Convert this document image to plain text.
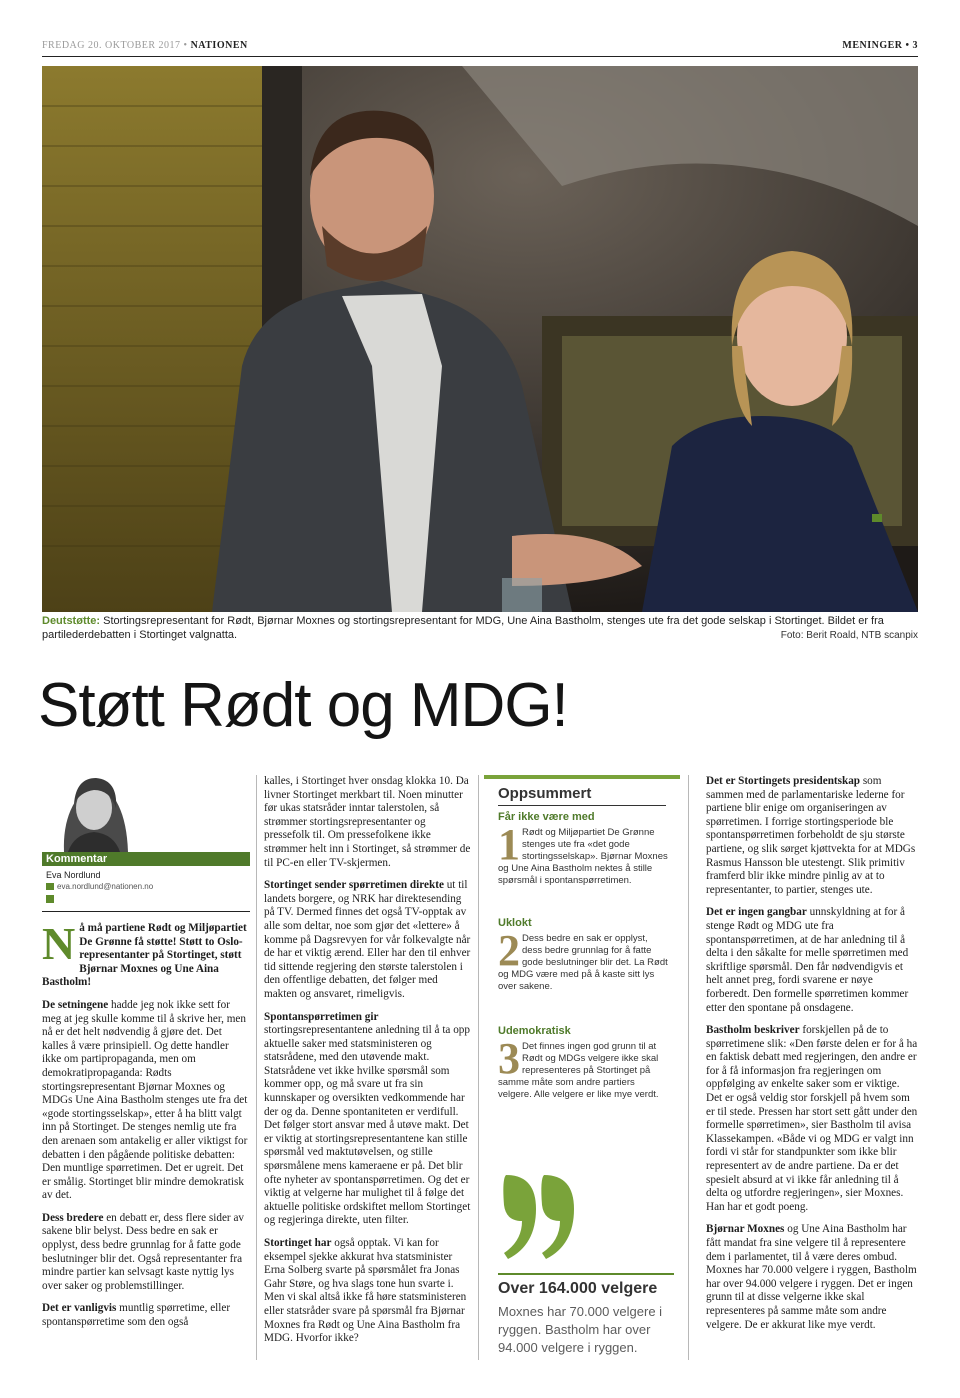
FREDAG 20. OKTOBER 2017 • NATIONEN	MENINGER • 3
Deutstøtte: Stortingsrepresentant for Rødt, Bjørnar Moxnes og stortingsrepresentant for MDG, Une Aina Bastholm, stenges ute fra det gode selskap i Stortinget. Bildet er fra partilederdebatten i Stortinget valgnatta.	Foto: Berit Roald, NTB scanpix
Støtt Rødt og MDG!
Kommentar
Eva Nordlund
eva.nordlund@nationen.no

Nå må partiene Rødt og Miljøpartiet De Grønne få støtte! Støtt to Oslo-representanter på Stortinget, støtt Bjørnar Moxnes og Une Aina Bastholm!

De setningene hadde jeg nok ikke sett for meg at jeg skulle komme til å skrive her, men nå er det helt nødvendig å gjøre det. Det kalles å være prinsipiell. Og dette handler ikke om partipropaganda, men om demokratipropaganda: Rødts stortingsrepresentant Bjørnar Moxnes og MDGs Une Aina Bastholm stenges ute fra det «gode stortingsselskap», etter å ha blitt valgt inn på Stortinget. De stenges nemlig ute fra den arenaen som antakelig er aller viktigst for debatten i den pågående politiske debatten: Den muntlige spørretimen. Det er ugreit. Det er smålig. Stortinget blir mindre demokratisk av det.

Dess bredere en debatt er, dess flere sider av sakene blir belyst. Dess bedre en sak er opplyst, dess bedre grunnlag for å fatte gode beslutninger blir det. Også representanter fra mindre partier kan selvsagt kaste nyttig lys over saker og problemstillinger.

Det er vanligvis muntlig spørretime, eller spontanspørretime som den også

kalles, i Stortinget hver onsdag klokka 10. Da livner Stortinget merkbart til. Noen minutter før ukas statsråder inntar talerstolen, så strømmer stortingsrepresentanter og pressefolk til. Om pressefolkene ikke strømmer helt inn i Stortinget, så strømmer de til PC-en eller TV-skjermen.

Stortinget sender spørretimen direkte ut til landets borgere, og NRK har direktesending på TV. Dermed finnes det også TV-opptak av alle som deltar, noe som gjør det «lettere» å komme på Dagsrevyen for vår folkevalgte når de har et viktig ærend. Eller har den til enhver tid sittende regjering den største talerstolen i den offentlige debatten, det følger med makten og ansvaret, rimeligvis.

Spontanspørretimen gir stortingsrepresentantene anledning til å ta opp aktuelle saker med statsministeren og statsrådene, med den utøvende makt. Statsrådene vet ikke hvilke spørsmål som kommer opp, og må svare ut fra sin kunnskaper og oversikten vedkommende har der og da. Denne spontaniteten er verdifull. Det følger stort ansvar med å utøve makt. Det er viktig at stortingsrepresentantene kan stille spørsmål ved maktutøvelsen, og stille spørsmålene mens kameraene er på. Det blir ofte nyheter av spontanspørretimen. Og det er viktig at velgerne har mulighet til å følge det aktuelle politiske ordskiftet mellom Stortinget og regjeringa direkte, uten filter.

Stortinget har også opptak. Vi kan for eksempel sjekke akkurat hva statsminister Erna Solberg svarte på spørsmålet fra Jonas Gahr Støre, og hva slags tone hun svarte i. Men vi skal altså ikke få høre statsministeren eller statsråder svare på spørsmål fra Bjørnar Moxnes fra Rødt og Une Aina Bastholm fra MDG. Hvorfor ikke?

Oppsummert
Får ikke være med
1 Rødt og Miljøpartiet De Grønne stenges ute fra «det gode stortingsselskap». Bjørnar Moxnes og Une Aina Bastholm nektes å stille spørsmål i spontanspørretimen.
Uklokt
2 Dess bedre en sak er opplyst, dess bedre grunnlag for å fatte gode beslutninger blir det. La Rødt og MDG være med på å kaste sitt lys over sakene.
Udemokratisk
3 Det finnes ingen god grunn til at Rødt og MDGs velgere ikke skal representeres på Stortinget på samme måte som andre partiers velgere. Alle velgere er like mye verdt.
Over 164.000 velgere
Moxnes har 70.000 velgere i ryggen. Bastholm har over 94.000 velgere i ryggen.

Det er Stortingets presidentskap som sammen med de parlamentariske lederne for partiene blir enige om organiseringen av spørretimen. I forrige stortingsperiode ble spontanspørretimen forbeholdt de sju største partiene, og slik sørget kjøttvekta for at MDGs Rasmus Hansson ble utestengt. Slik primitiv framferd blir ikke mindre pinlig av at to representanter, to partier, stenges ute.

Det er ingen gangbar unnskyldning at for å stenge Rødt og MDG ute fra spontanspørretimen, at de har anledning til å delta i den såkalte for melle spørretimen med skriftlige spørsmål. Den får nødvendigvis et helt annet preg, fordi svarene er nøye forberedt. Den formelle spørretimen kommer etter den spontane på onsdagene.

Bastholm beskriver forskjellen på de to spørretimene slik: «Den første delen er for å ha en faktisk debatt med regjeringen, den andre er for å få informasjon fra regjeringen om oppfølging av enkelte saker som er viktige. Det er også veldig stor forskjell på hvem som er til stede. Pressen har stort sett gått under den formelle spørretimen», sier Bastholm til avisa Klassekampen. «Både vi og MDG er valgt inn fordi vi står for standpunkter som ikke blir representert av de andre partiene. Da er det spesielt absurd at vi ikke får anledning til å delta og utfordre regjeringen», sier Moxnes. Han har et godt poeng.

Bjørnar Moxnes og Une Aina Bastholm har fått mandat fra sine velgere til å representere dem i parlamentet, til å være deres ombud. Moxnes har 70.000 velgere i ryggen, Bastholm har over 94.000 velgere i ryggen. Det er ingen grunn til at disse velgerne ikke skal representeres på samme måte som andre velgere. De er akkurat like mye verdt.
